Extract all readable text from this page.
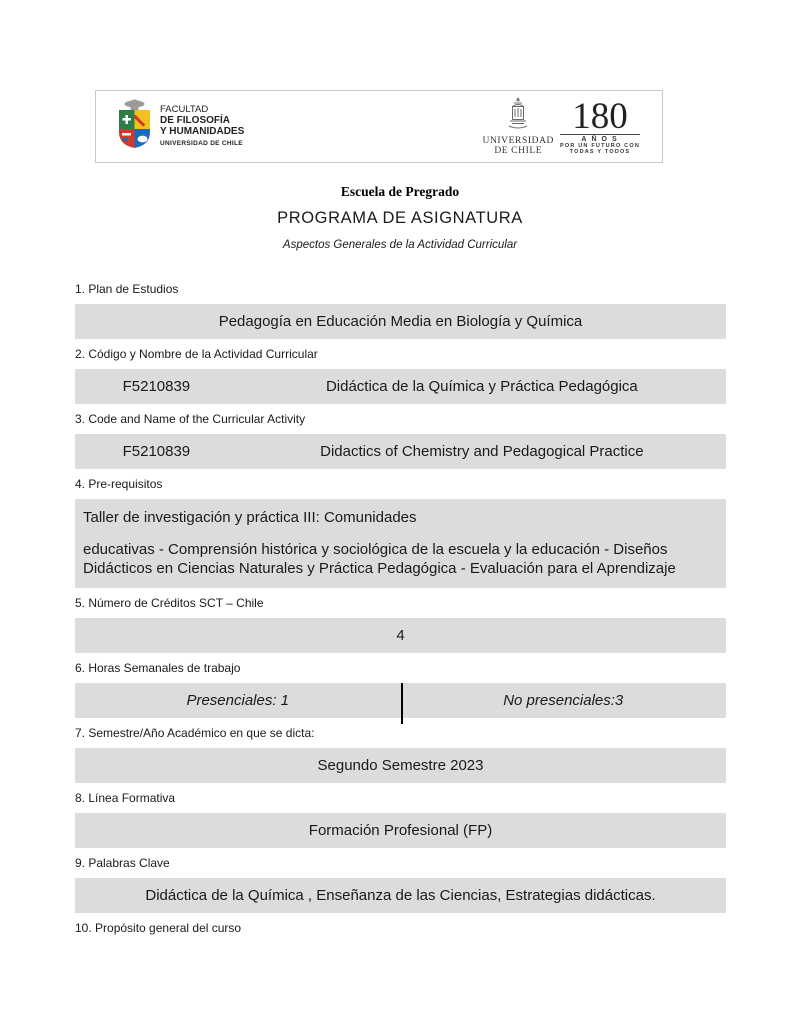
FACULTAD
DE FILOSOFÍA
Y HUMANIDADES
UNIVERSIDAD DE CHILE	UNIVERSIDAD
DE CHILE
180
AÑOS
POR UN FUTURO CON
TODAS Y TODOS
Escuela de Pregrado
PROGRAMA DE ASIGNATURA
Aspectos Generales de la Actividad Curricular
1. Plan de Estudios
Pedagogía en Educación Media en Biología y Química
2. Código y Nombre de la Actividad Curricular
F5210839	Didáctica de la Química y Práctica Pedagógica
3. Code and Name of the Curricular Activity
F5210839	Didactics of Chemistry and Pedagogical Practice
4. Pre-requisitos

Taller de investigación y práctica III: Comunidades

educativas - Comprensión histórica y sociológica de la escuela y la educación - Diseños Didácticos en Ciencias Naturales y Práctica Pedagógica - Evaluación para el Aprendizaje

5. Número de Créditos SCT – Chile
4
6. Horas Semanales de trabajo
Presenciales: 1	No presenciales:3
7. Semestre/Año Académico en que se dicta:
Segundo Semestre 2023
8. Línea Formativa
Formación Profesional (FP)
9. Palabras Clave
Didáctica de la Química , Enseñanza de las Ciencias, Estrategias didácticas.
10. Propósito general del curso
